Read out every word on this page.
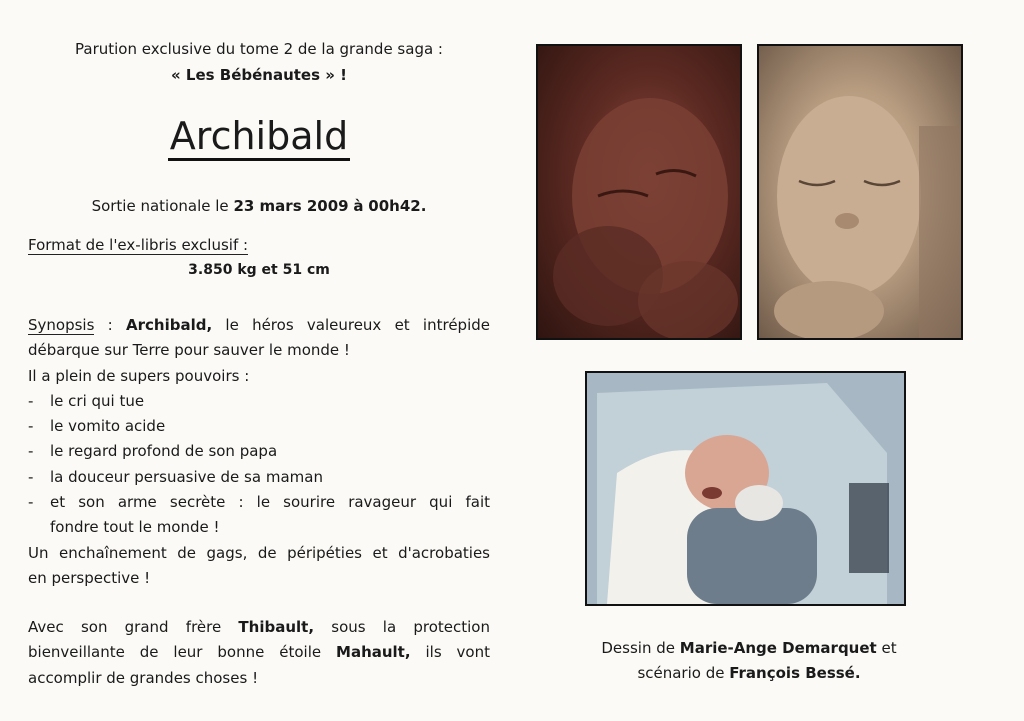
Parution exclusive du tome 2 de la grande saga :
« Les Bébénautes » !
Archibald
Sortie nationale le 23 mars 2009 à 00h42.
Format de l'ex-libris exclusif :
3.850 kg et 51 cm
Synopsis : Archibald, le héros valeureux et intrépide
débarque sur Terre pour sauver le monde !
Il a plein de supers pouvoirs :
- le cri qui tue
- le vomito acide
- le regard profond de son papa
- la douceur persuasive de sa maman
- et son arme secrète : le sourire ravageur qui fait
fondre tout le monde !
Un enchaînement de gags, de péripéties et d'acrobaties
en perspective !
Avec son grand frère Thibault, sous la protection
bienveillante de leur bonne étoile Mahault, ils vont
accomplir de grandes choses !
Dessin de Marie-Ange Demarquet et
scénario de François Bessé.
